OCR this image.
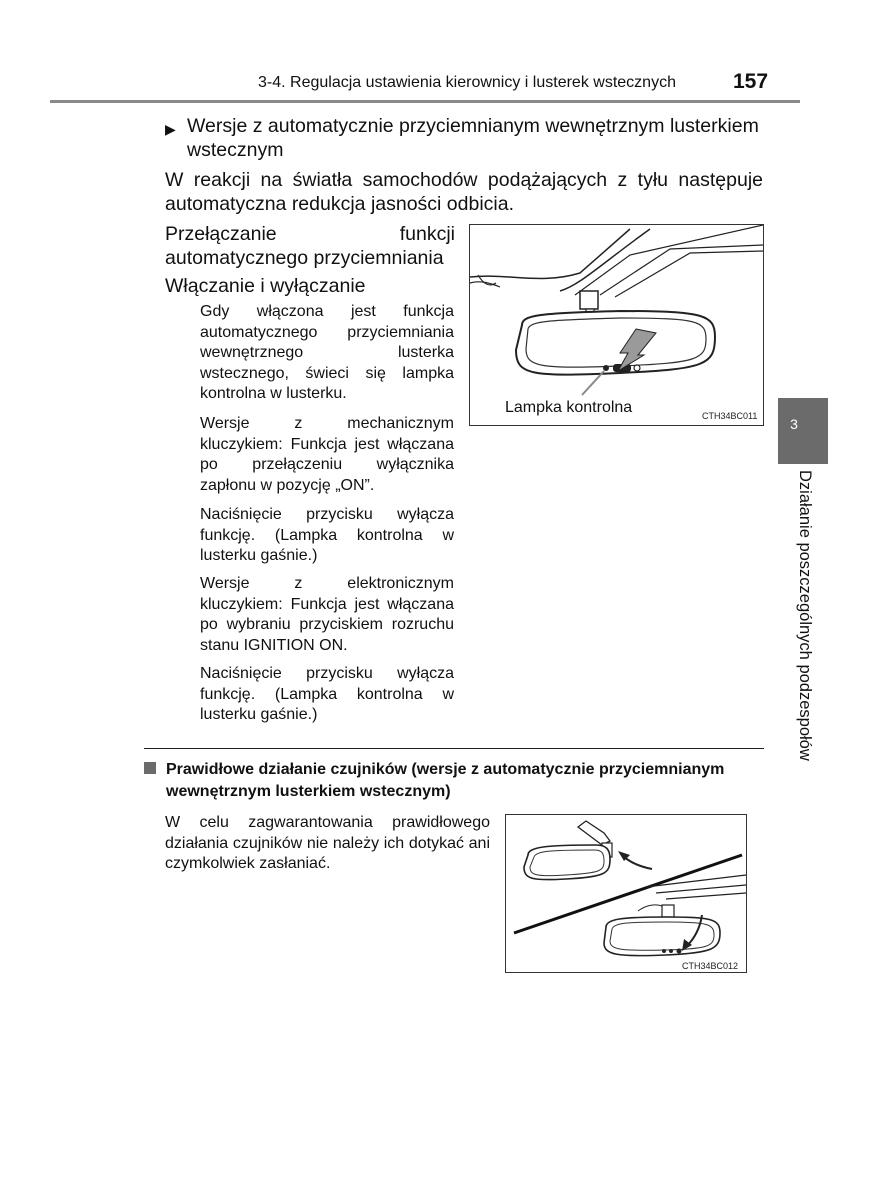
3-4. Regulacja ustawienia kierownicy i lusterek wstecznych	157
3
Działanie poszczególnych podzespołów
▶ Wersje z automatycznie przyciemnianym wewnętrznym lusterkiem
wstecznym
W reakcji na światła samochodów podążających z tyłu następuje automatyczna redukcja jasności odbicia.
Przełączanie funkcji automatycznego przyciemniania
Włączanie i wyłączanie
Gdy włączona jest funkcja automatycznego przyciemniania wewnętrznego lusterka wstecznego, świeci się lampka kontrolna w lusterku.
Wersje z mechanicznym kluczykiem: Funkcja jest włączana po przełączeniu wyłącznika zapłonu w pozycję „ON”.
Naciśnięcie przycisku wyłącza funkcję. (Lampka kontrolna w lusterku gaśnie.)
Wersje z elektronicznym kluczykiem: Funkcja jest włączana po wybraniu przyciskiem rozruchu stanu IGNITION ON.
Naciśnięcie przycisku wyłącza funkcję. (Lampka kontrolna w lusterku gaśnie.)
Lampka kontrolna	CTH34BC011
Prawidłowe działanie czujników (wersje z automatycznie przyciemnianym wewnętrznym lusterkiem wstecznym)
W celu zagwarantowania prawidłowego działania czujników nie należy ich dotykać ani czymkolwiek zasłaniać.
CTH34BC012
